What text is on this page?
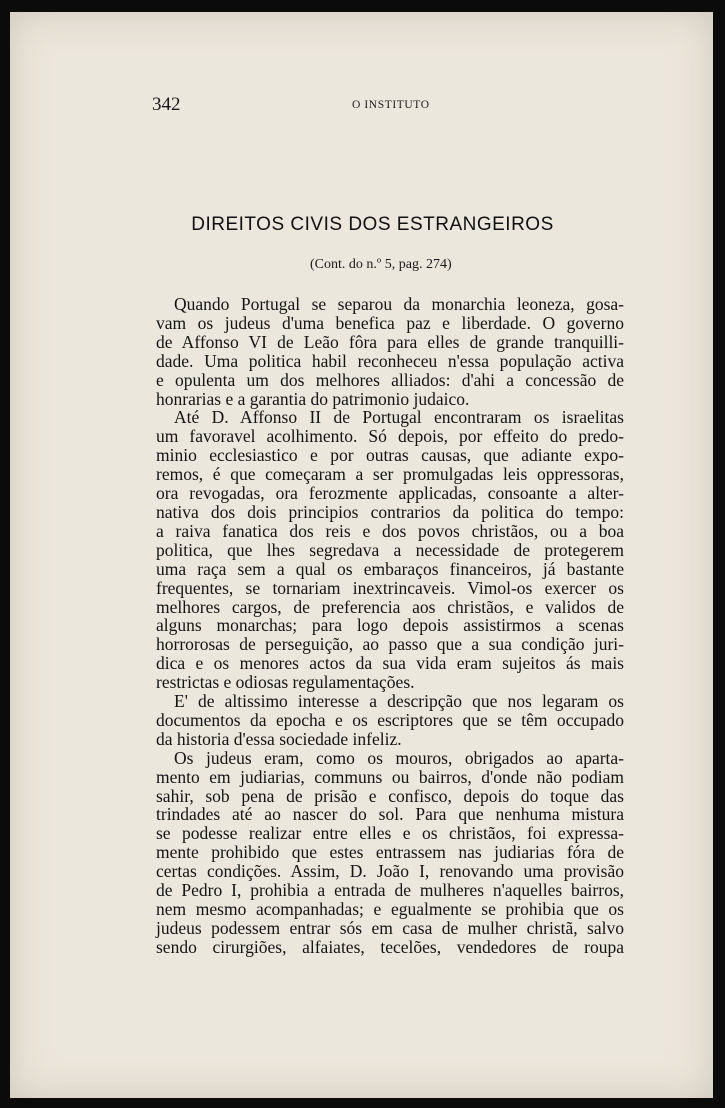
342	O INSTITUTO
DIREITOS CIVIS DOS ESTRANGEIROS
(Cont. do n.º 5, pag. 274)
Quando Portugal se separou da monarchia leoneza, gosa-
vam os judeus d'uma benefica paz e liberdade. O governo
de Affonso VI de Leão fôra para elles de grande tranquilli-
dade. Uma politica habil reconheceu n'essa população activa
e opulenta um dos melhores alliados: d'ahi a concessão de
honrarias e a garantia do patrimonio judaico.
Até D. Affonso II de Portugal encontraram os israelitas
um favoravel acolhimento. Só depois, por effeito do predo-
minio ecclesiastico e por outras causas, que adiante expo-
remos, é que começaram a ser promulgadas leis oppressoras,
ora revogadas, ora ferozmente applicadas, consoante a alter-
nativa dos dois principios contrarios da politica do tempo:
a raiva fanatica dos reis e dos povos christãos, ou a boa
politica, que lhes segredava a necessidade de protegerem
uma raça sem a qual os embaraços financeiros, já bastante
frequentes, se tornariam inextrincaveis. Vimol-os exercer os
melhores cargos, de preferencia aos christãos, e validos de
alguns monarchas; para logo depois assistirmos a scenas
horrorosas de perseguição, ao passo que a sua condição juri-
dica e os menores actos da sua vida eram sujeitos ás mais
restrictas e odiosas regulamentações.
E' de altissimo interesse a descripção que nos legaram os
documentos da epocha e os escriptores que se têm occupado
da historia d'essa sociedade infeliz.
Os judeus eram, como os mouros, obrigados ao aparta-
mento em judiarias, communs ou bairros, d'onde não podiam
sahir, sob pena de prisão e confisco, depois do toque das
trindades até ao nascer do sol. Para que nenhuma mistura
se podesse realizar entre elles e os christãos, foi expressa-
mente prohibido que estes entrassem nas judiarias fóra de
certas condições. Assim, D. João I, renovando uma provisão
de Pedro I, prohibia a entrada de mulheres n'aquelles bairros,
nem mesmo acompanhadas; e egualmente se prohibia que os
judeus podessem entrar sós em casa de mulher christã, salvo
sendo cirurgiões, alfaiates, tecelões, vendedores de roupa
